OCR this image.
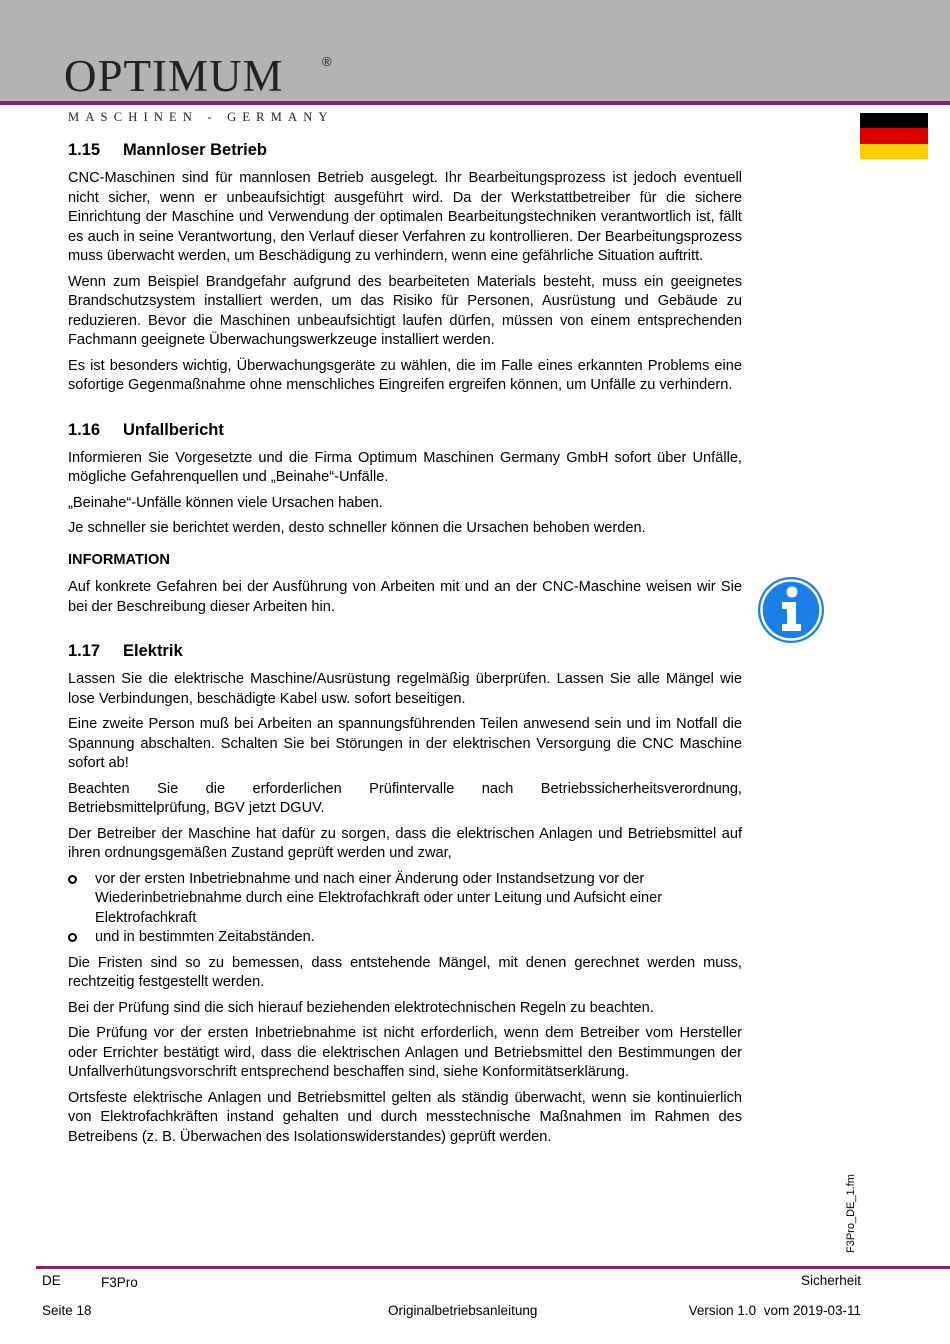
OPTIMUM	®
MASCHINEN - GERMANY
1.15 Mannloser Betrieb

CNC-Maschinen sind für mannlosen Betrieb ausgelegt. Ihr Bearbeitungsprozess ist jedoch eventuell nicht sicher, wenn er unbeaufsichtigt ausgeführt wird. Da der Werkstattbetreiber für die sichere Einrichtung der Maschine und Verwendung der optimalen Bearbeitungstechniken verantwortlich ist, fällt es auch in seine Verantwortung, den Verlauf dieser Verfahren zu kontrollieren. Der Bearbeitungsprozess muss überwacht werden, um Beschädigung zu verhindern, wenn eine gefährliche Situation auftritt.

Wenn zum Beispiel Brandgefahr aufgrund des bearbeiteten Materials besteht, muss ein geeignetes Brandschutzsystem installiert werden, um das Risiko für Personen, Ausrüstung und Gebäude zu reduzieren. Bevor die Maschinen unbeaufsichtigt laufen dürfen, müssen von einem entsprechenden Fachmann geeignete Überwachungswerkzeuge installiert werden.

Es ist besonders wichtig, Überwachungsgeräte zu wählen, die im Falle eines erkannten Problems eine sofortige Gegenmaßnahme ohne menschliches Eingreifen ergreifen können, um Unfälle zu verhindern.

1.16 Unfallbericht

Informieren Sie Vorgesetzte und die Firma Optimum Maschinen Germany GmbH sofort über Unfälle, mögliche Gefahrenquellen und „Beinahe“-Unfälle.

„Beinahe“-Unfälle können viele Ursachen haben.

Je schneller sie berichtet werden, desto schneller können die Ursachen behoben werden.

INFORMATION

Auf konkrete Gefahren bei der Ausführung von Arbeiten mit und an der CNC-Maschine weisen wir Sie bei der Beschreibung dieser Arbeiten hin.

1.17 Elektrik

Lassen Sie die elektrische Maschine/Ausrüstung regelmäßig überprüfen. Lassen Sie alle Mängel wie lose Verbindungen, beschädigte Kabel usw. sofort beseitigen.

Eine zweite Person muß bei Arbeiten an spannungsführenden Teilen anwesend sein und im Notfall die Spannung abschalten. Schalten Sie bei Störungen in der elektrischen Versorgung die CNC Maschine sofort ab!

Beachten Sie die erforderlichen Prüfintervalle nach Betriebssicherheitsverordnung, Betriebsmittelprüfung, BGV jetzt DGUV.

Der Betreiber der Maschine hat dafür zu sorgen, dass die elektrischen Anlagen und Betriebsmittel auf ihren ordnungsgemäßen Zustand geprüft werden und zwar,

vor der ersten Inbetriebnahme und nach einer Änderung oder Instandsetzung vor der Wiederinbetriebnahme durch eine Elektrofachkraft oder unter Leitung und Aufsicht einer Elektrofachkraft
und in bestimmten Zeitabständen.

Die Fristen sind so zu bemessen, dass entstehende Mängel, mit denen gerechnet werden muss, rechtzeitig festgestellt werden.

Bei der Prüfung sind die sich hierauf beziehenden elektrotechnischen Regeln zu beachten.

Die Prüfung vor der ersten Inbetriebnahme ist nicht erforderlich, wenn dem Betreiber vom Hersteller oder Errichter bestätigt wird, dass die elektrischen Anlagen und Betriebsmittel den Bestimmungen der Unfallverhütungsvorschrift entsprechend beschaffen sind, siehe Konformitätserklärung.

Ortsfeste elektrische Anlagen und Betriebsmittel gelten als ständig überwacht, wenn sie kontinuierlich von Elektrofachkräften instand gehalten und durch messtechnische Maßnahmen im Rahmen des Betreibens (z. B. Überwachen des Isolationswiderstandes) geprüft werden.

F3Pro_DE_1.fm
DE	F3Pro	Sicherheit
Seite 18	Originalbetriebsanleitung	Version 1.0  vom 2019-03-11
